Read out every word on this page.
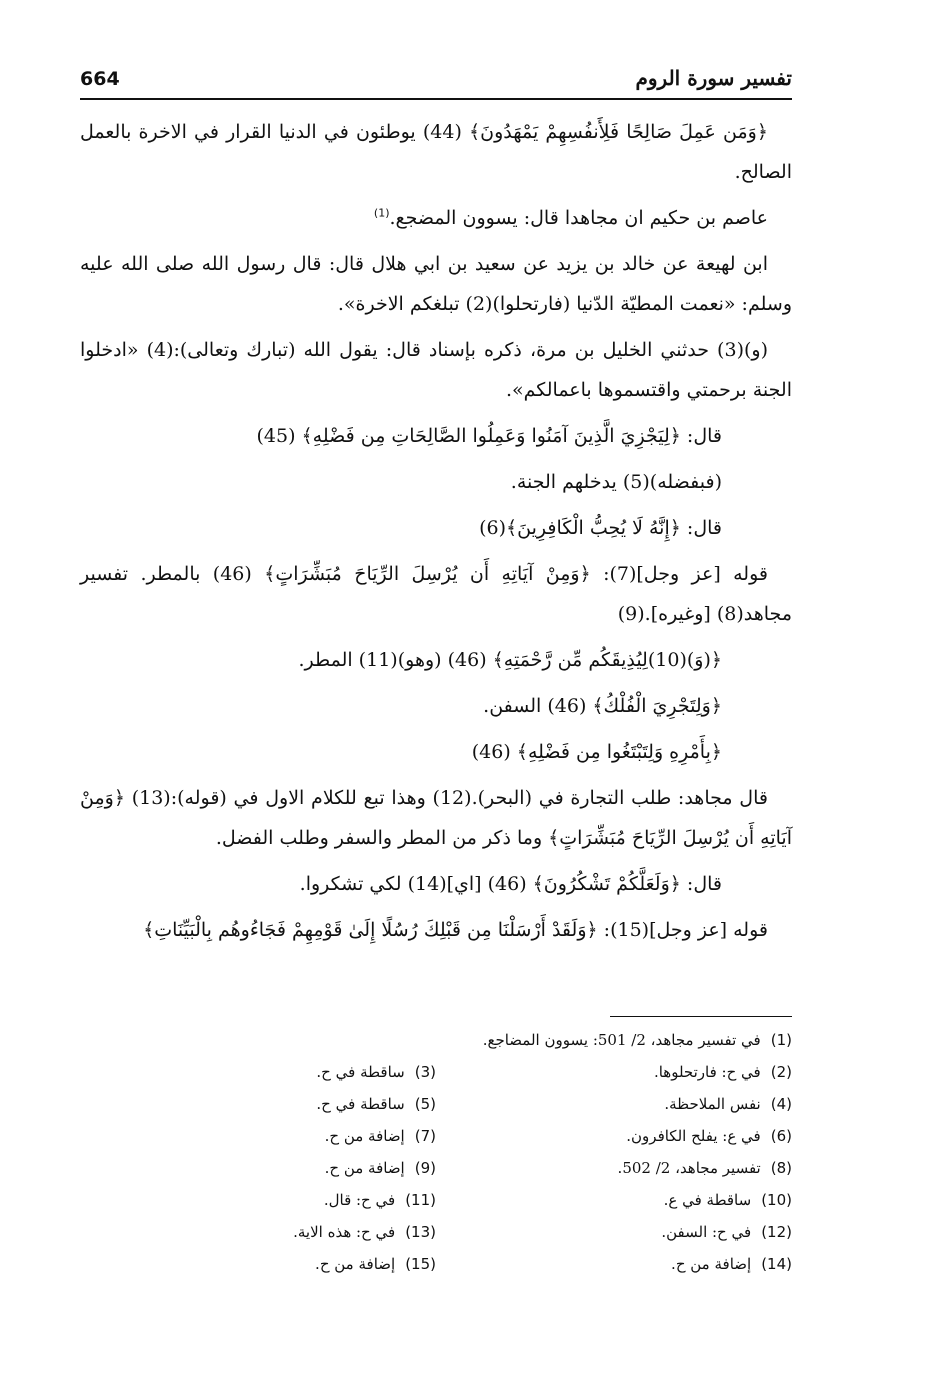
664	تفسير سورة الروم

﴿وَمَن عَمِلَ صَالِحًا فَلِأَنفُسِهِمْ يَمْهَدُونَ﴾ (44) يوطئون في الدنيا القرار في الاخرة بالعمل الصالح.

عاصم بن حكيم ان مجاهدا قال: يسوون المضجع.$^{(1)}$

ابن لهيعة عن خالد بن يزيد عن سعيد بن ابي هلال قال: قال رسول الله صلى الله عليه وسلم: «نعمت المطيّة الدّنيا (فارتحلوا)(2) تبلغكم الاخرة».

(و)(3) حدثني الخليل بن مرة، ذكره بإسناد قال: يقول الله (تبارك وتعالى):(4) «ادخلوا الجنة برحمتي واقتسموها باعمالكم».

قال: ﴿لِيَجْزِيَ الَّذِينَ آمَنُوا وَعَمِلُوا الصَّالِحَاتِ مِن فَضْلِهِ﴾ (45)

(فبفضله)(5) يدخلهم الجنة.

قال: ﴿إِنَّهُ لَا يُحِبُّ الْكَافِرِينَ﴾(6)

قوله [عز وجل](7): ﴿وَمِنْ آيَاتِهِ أَن يُرْسِلَ الرِّيَاحَ مُبَشِّرَاتٍ﴾ (46) بالمطر. تفسير مجاهد(8) [وغيره].(9)

﴿(وَ)(10)لِيُذِيقَكُم مِّن رَّحْمَتِهِ﴾ (46) (وهو)(11) المطر.

﴿وَلِتَجْرِيَ الْفُلْكُ﴾ (46) السفن.

﴿بِأَمْرِهِ وَلِتَبْتَغُوا مِن فَضْلِهِ﴾ (46)

قال مجاهد: طلب التجارة في (البحر).(12) وهذا تبع للكلام الاول في (قوله):(13) ﴿وَمِنْ آيَاتِهِ أَن يُرْسِلَ الرِّيَاحَ مُبَشِّرَاتٍ﴾ وما ذكر من المطر والسفر وطلب الفضل.

قال: ﴿وَلَعَلَّكُمْ تَشْكُرُونَ﴾ (46) [اي](14) لكي تشكروا.

قوله [عز وجل](15): ﴿وَلَقَدْ أَرْسَلْنَا مِن قَبْلِكَ رُسُلًا إِلَىٰ قَوْمِهِمْ فَجَاءُوهُم بِالْبَيِّنَاتِ﴾

(1)في تفسير مجاهد، 2/ 501: يسوون المضاجع.
(2)في ح: فارتحلوها.
(3)ساقطة في ح.
(4)نفس الملاحظة.
(5)ساقطة في ح.
(6)في ع: يفلح الكافرون.
(7)إضافة من ح.
(8)تفسير مجاهد، 2/ 502.
(9)إضافة من ح.
(10)ساقطة في ع.
(11)في ح: قال.
(12)في ح: السفن.
(13)في ح: هذه الاية.
(14)إضافة من ح.
(15)إضافة من ح.
